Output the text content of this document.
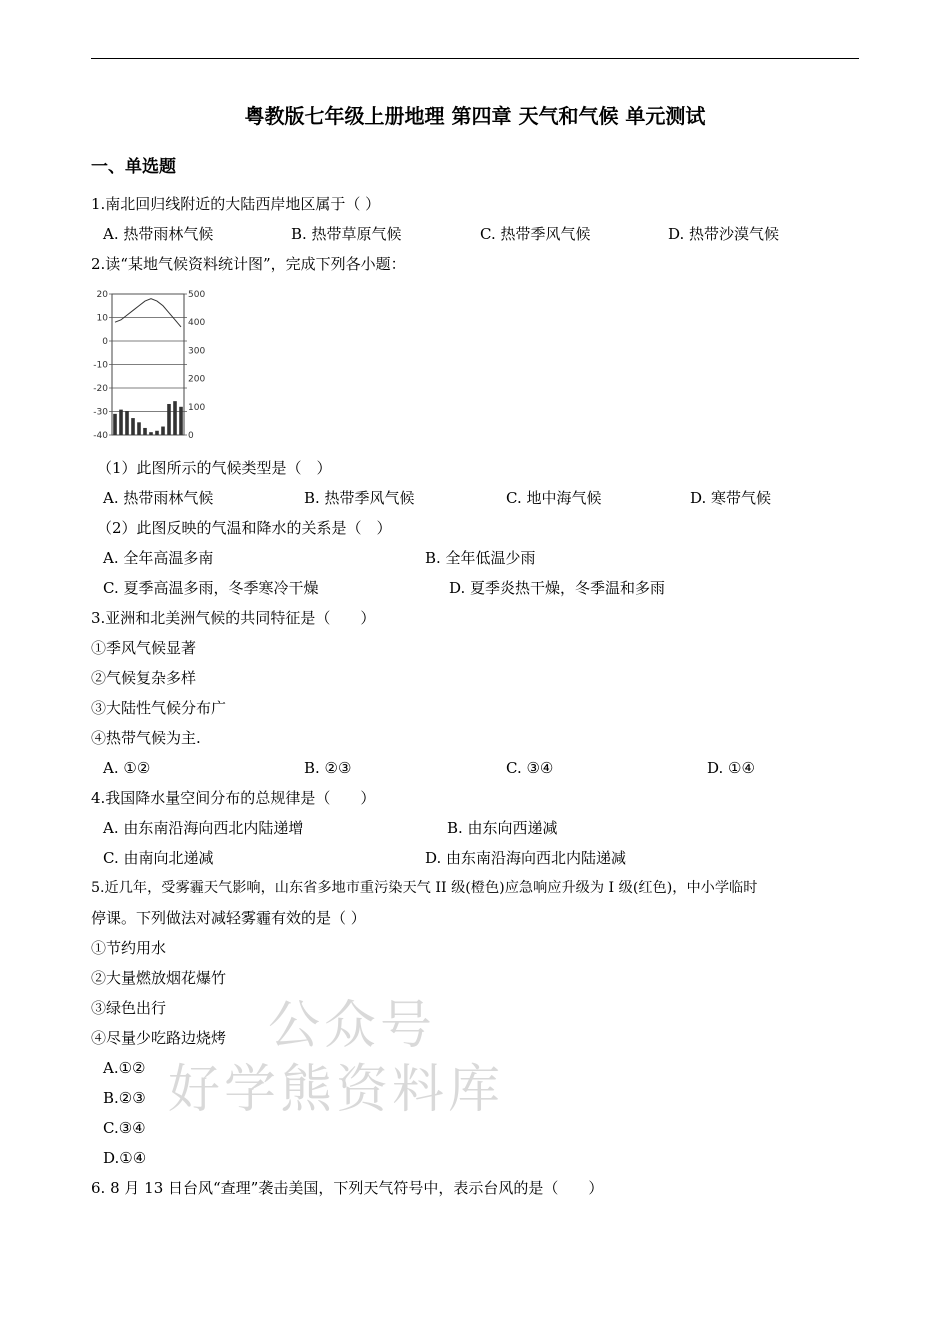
粤教版七年级上册地理 第四章 天气和气候 单元测试
一、单选题
1.南北回归线附近的大陆西岸地区属于（ ）
A. 热带雨林气候	B. 热带草原气候	C. 热带季风气候	D. 热带沙漠气候
2.读“某地气候资料统计图”，完成下列各小题：
20
10
0
-10
-20
-30
-40
500
400
300
200
100
0
（1）此图所示的气候类型是（　）
A. 热带雨林气候	B. 热带季风气候	C. 地中海气候	D. 寒带气候
（2）此图反映的气温和降水的关系是（　）
A. 全年高温多南	B. 全年低温少雨
C. 夏季高温多雨，冬季寒冷干燥	D. 夏季炎热干燥，冬季温和多雨
3.亚洲和北美洲气候的共同特征是（　　）
①季风气候显著
②气候复杂多样
③大陆性气候分布广
④热带气候为主.
A. ①②	B. ②③	C. ③④	D. ①④
4.我国降水量空间分布的总规律是（　　）
A. 由东南沿海向西北内陆递增	B. 由东向西递减
C. 由南向北递减	D. 由东南沿海向西北内陆递减
5.近几年，受雾霾天气影响，山东省多地市重污染天气 II 级(橙色)应急响应升级为 I 级(红色)，中小学临时
停课。下列做法对减轻雾霾有效的是（ ）
①节约用水
②大量燃放烟花爆竹
③绿色出行
④尽量少吃路边烧烤
A.①②
B.②③
C.③④
D.①④
6. 8 月 13 日台风“查理”袭击美国，下列天气符号中，表示台风的是（　　）
公众号
好学熊资料库
